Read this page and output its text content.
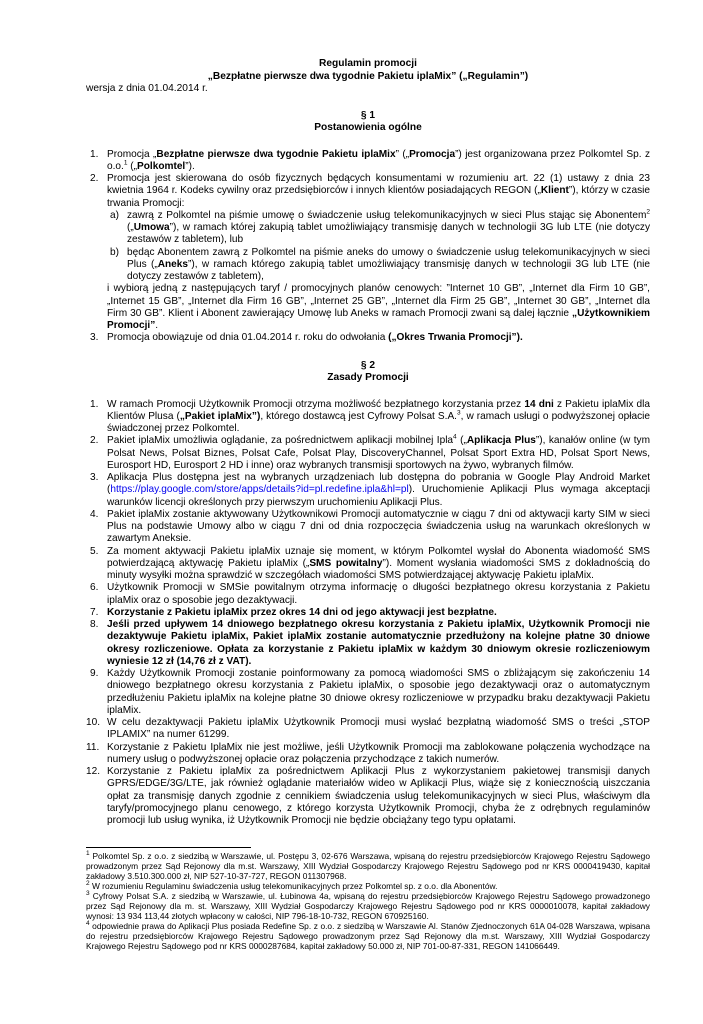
Regulamin promocji

„Bezpłatne pierwsze dwa tygodnie Pakietu iplaMix” („Regulamin”)

wersja z dnia 01.04.2014 r.

§ 1

Postanowienia ogólne

1. Promocja „Bezpłatne pierwsze dwa tygodnie Pakietu iplaMix” („Promocja”) jest organizowana przez Polkomtel Sp. z o.o.$^1$ („Polkomtel”).
2. Promocja jest skierowana do osób fizycznych będących konsumentami w rozumieniu art. 22 (1) ustawy z dnia 23 kwietnia 1964 r. Kodeks cywilny oraz przedsiębiorców i innych klientów posiadających REGON („Klient”), którzy w czasie trwania Promocji:
a) zawrą z Polkomtel na piśmie umowę o świadczenie usług telekomunikacyjnych w sieci Plus stając się Abonentem$^2$ („Umowa”), w ramach której zakupią tablet umożliwiający transmisję danych w technologii 3G lub LTE (nie dotyczy zestawów z tabletem), lub
b) będąc Abonentem zawrą z Polkomtel na piśmie aneks do umowy o świadczenie usług telekomunikacyjnych w sieci Plus („Aneks”), w ramach którego zakupią tablet umożliwiający transmisję danych w technologii 3G lub LTE (nie dotyczy zestawów z tabletem),
i wybiorą jedną z następujących taryf / promocyjnych planów cenowych: ”Internet 10 GB”, „Internet dla Firm 10 GB”, „Internet 15 GB”, „Internet dla Firm 16 GB”, „Internet 25 GB”, „Internet dla Firm 25 GB”, „Internet 30 GB”, „Internet dla Firm 30 GB”. Klient i Abonent zawierający Umowę lub Aneks w ramach Promocji zwani są dalej łącznie „Użytkownikiem Promocji”.
3. Promocja obowiązuje od dnia 01.04.2014 r. roku do odwołania („Okres Trwania Promocji”).

§ 2

Zasady Promocji

1. W ramach Promocji Użytkownik Promocji otrzyma możliwość bezpłatnego korzystania przez 14 dni z Pakietu iplaMix dla Klientów Plusa („Pakiet iplaMix”), którego dostawcą jest Cyfrowy Polsat S.A.$^3$, w ramach usługi o podwyższonej opłacie świadczonej przez Polkomtel.
2. Pakiet iplaMix umożliwia oglądanie, za pośrednictwem aplikacji mobilnej Ipla$^4$ („Aplikacja Plus”), kanałów online (w tym Polsat News, Polsat Biznes, Polsat Cafe, Polsat Play, DiscoveryChannel, Polsat Sport Extra HD, Polsat Sport News, Eurosport HD, Eurosport 2 HD i inne) oraz wybranych transmisji sportowych na żywo, wybranych filmów.
3. Aplikacja Plus dostępna jest na wybranych urządzeniach lub dostępna do pobrania w Google Play Android Market (https://play.google.com/store/apps/details?id=pl.redefine.ipla&hl=pl). Uruchomienie Aplikacji Plus wymaga akceptacji warunków licencji określonych przy pierwszym uruchomieniu Aplikacji Plus.
4. Pakiet iplaMix zostanie aktywowany Użytkownikowi Promocji automatycznie w ciągu 7 dni od aktywacji karty SIM w sieci Plus na podstawie Umowy albo w ciągu 7 dni od dnia rozpoczęcia świadczenia usług na warunkach określonych w zawartym Aneksie.
5. Za moment aktywacji Pakietu iplaMix uznaje się moment, w którym Polkomtel wysłał do Abonenta wiadomość SMS potwierdzającą aktywację Pakietu iplaMix („SMS powitalny”). Moment wysłania wiadomości SMS z dokładnością do minuty wysyłki można sprawdzić w szczegółach wiadomości SMS potwierdzającej aktywację Pakietu iplaMix.
6. Użytkownik Promocji w SMSie powitalnym otrzyma informację o długości bezpłatnego okresu korzystania z Pakietu iplaMix oraz o sposobie jego dezaktywacji.
7. Korzystanie z Pakietu iplaMix przez okres 14 dni od jego aktywacji jest bezpłatne.
8. Jeśli przed upływem 14 dniowego bezpłatnego okresu korzystania z Pakietu iplaMix, Użytkownik Promocji nie dezaktywuje Pakietu iplaMix, Pakiet iplaMix zostanie automatycznie przedłużony na kolejne płatne 30 dniowe okresy rozliczeniowe. Opłata za korzystanie z Pakietu iplaMix w każdym 30 dniowym okresie rozliczeniowym wyniesie 12 zł (14,76 zł z VAT).
9. Każdy Użytkownik Promocji zostanie poinformowany za pomocą wiadomości SMS o zbliżającym się zakończeniu 14 dniowego bezpłatnego okresu korzystania z Pakietu iplaMix, o sposobie jego dezaktywacji oraz o automatycznym przedłużeniu Pakietu iplaMix na kolejne płatne 30 dniowe okresy rozliczeniowe w przypadku braku dezaktywacji Pakietu iplaMix.
10. W celu dezaktywacji Pakietu iplaMix Użytkownik Promocji musi wysłać bezpłatną wiadomość SMS o treści „STOP IPLAMIX” na numer 61299.
11. Korzystanie z Pakietu IplaMix nie jest możliwe, jeśli Użytkownik Promocji ma zablokowane połączenia wychodzące na numery usług o podwyższonej opłacie oraz połączenia przychodzące z takich numerów.
12. Korzystanie z Pakietu iplaMix za pośrednictwem Aplikacji Plus z wykorzystaniem pakietowej transmisji danych GPRS/EDGE/3G/LTE, jak również oglądanie materiałów wideo w Aplikacji Plus, wiąże się z koniecznością uiszczania opłat za transmisję danych zgodnie z cennikiem świadczenia usług telekomunikacyjnych w sieci Plus, właściwym dla taryfy/promocyjnego planu cenowego, z którego korzysta Użytkownik Promocji, chyba że z odrębnych regulaminów promocji lub usług wynika, iż Użytkownik Promocji nie będzie obciążany tego typu opłatami.

$^1$ Polkomtel Sp. z o.o. z siedzibą w Warszawie, ul. Postępu 3, 02-676 Warszawa, wpisaną do rejestru przedsiębiorców Krajowego Rejestru Sądowego prowadzonym przez Sąd Rejonowy dla m.st. Warszawy, XIII Wydział Gospodarczy Krajowego Rejestru Sądowego pod nr KRS 0000419430, kapitał zakładowy 3.510.300.000 zł, NIP 527-10-37-727, REGON 011307968.

$^2$ W rozumieniu Regulaminu świadczenia usług telekomunikacyjnych przez Polkomtel sp. z o.o. dla Abonentów.

$^3$ Cyfrowy Polsat S.A. z siedzibą w Warszawie, ul. Łubinowa 4a, wpisaną do rejestru przedsiębiorców Krajowego Rejestru Sądowego prowadzonego przez Sąd Rejonowy dla m. st. Warszawy, XIII Wydział Gospodarczy Krajowego Rejestru Sądowego pod nr KRS 0000010078, kapitał zakładowy wynosi: 13 934 113,44 złotych wpłacony w całości, NIP 796-18-10-732, REGON 670925160.

$^4$ odpowiednie prawa do Aplikacji Plus posiada Redefine Sp. z o.o. z siedzibą w Warszawie Al. Stanów Zjednoczonych 61A 04-028 Warszawa, wpisana do rejestru przedsiębiorców Krajowego Rejestru Sądowego prowadzonym przez Sąd Rejonowy dla m.st. Warszawy, XIII Wydział Gospodarczy Krajowego Rejestru Sądowego pod nr KRS 0000287684, kapitał zakładowy 50.000 zł, NIP 701-00-87-331, REGON 141066449.
